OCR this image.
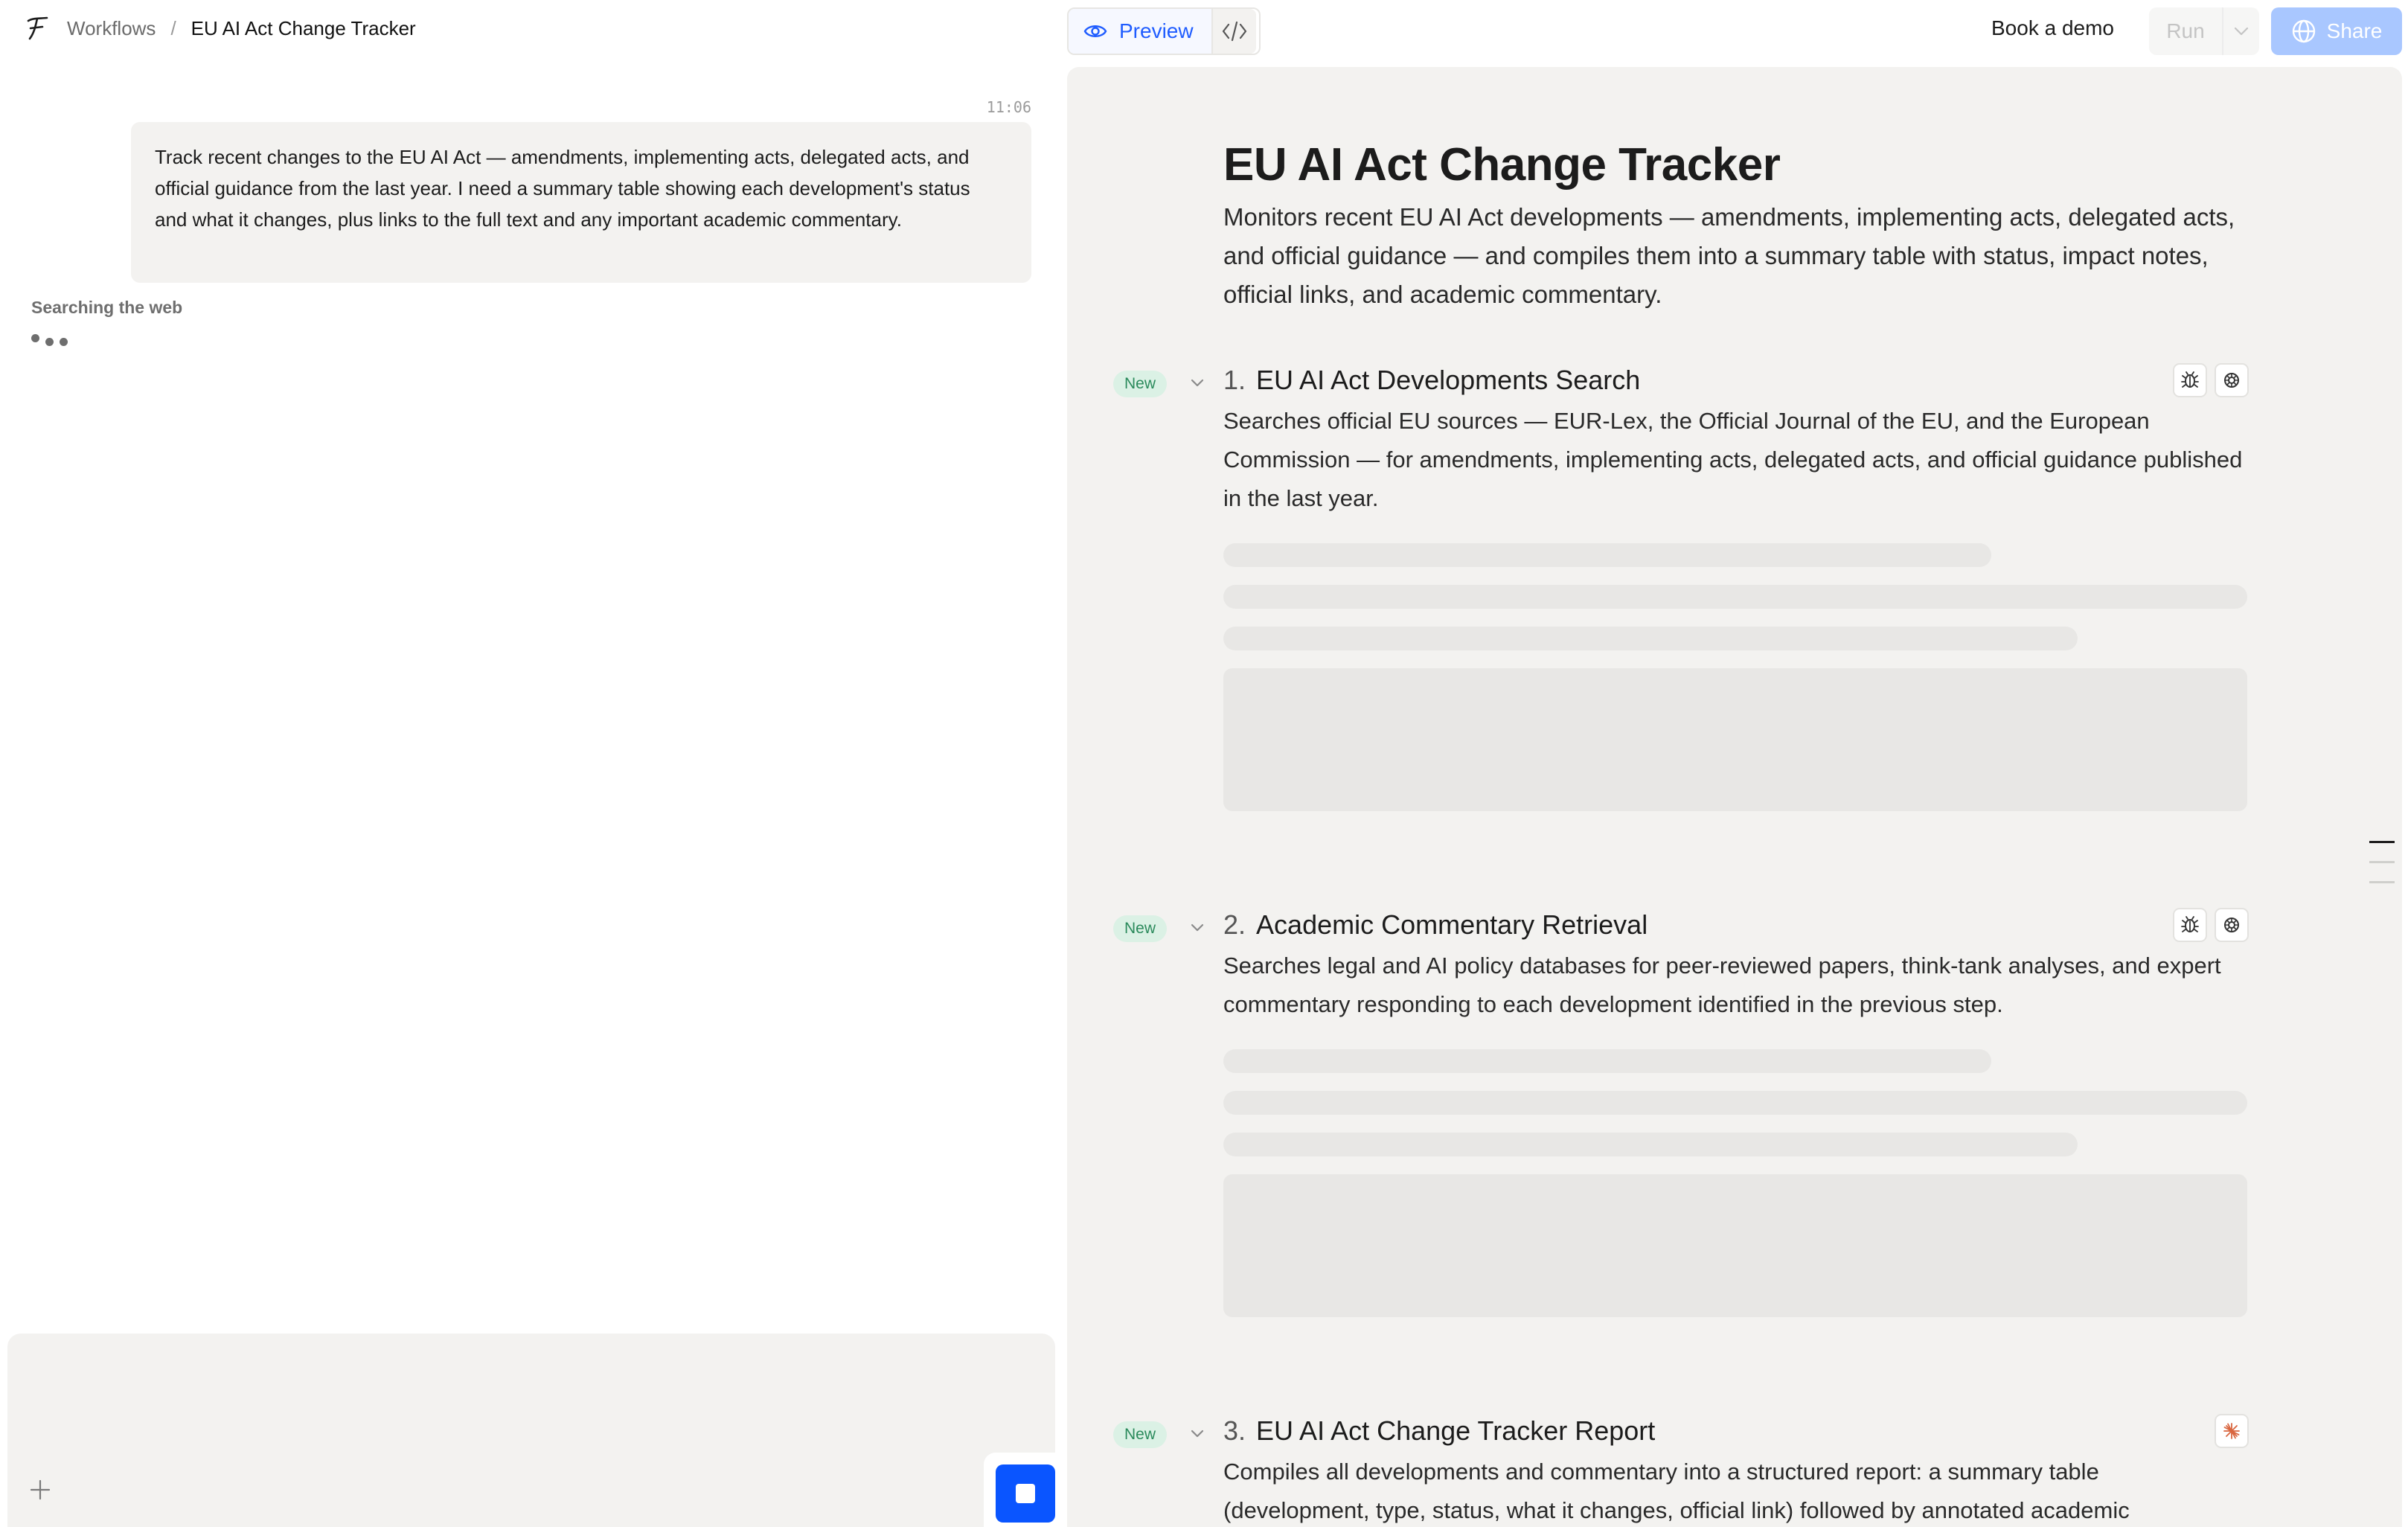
Workflows / EU AI Act Change Tracker
11:06
Track recent changes to the EU AI Act — amendments, implementing acts, delegated acts, and official guidance from the last year. I need a summary table showing each development's status and what it changes, plus links to the full text and any important academic commentary.
Searching the web
Preview	Book a demo	Run	Share
EU AI Act Change Tracker
Monitors recent EU AI Act developments — amendments, implementing acts, delegated acts, and official guidance — and compiles them into a summary table with status, impact notes, official links, and academic commentary.
New	1. EU AI Act Developments Search
Searches official EU sources — EUR-Lex, the Official Journal of the EU, and the European Commission — for amendments, implementing acts, delegated acts, and official guidance published in the last year.
New	2. Academic Commentary Retrieval
Searches legal and AI policy databases for peer-reviewed papers, think-tank analyses, and expert commentary responding to each development identified in the previous step.
New	3. EU AI Act Change Tracker Report
Compiles all developments and commentary into a structured report: a summary table (development, type, status, what it changes, official link) followed by annotated academic
